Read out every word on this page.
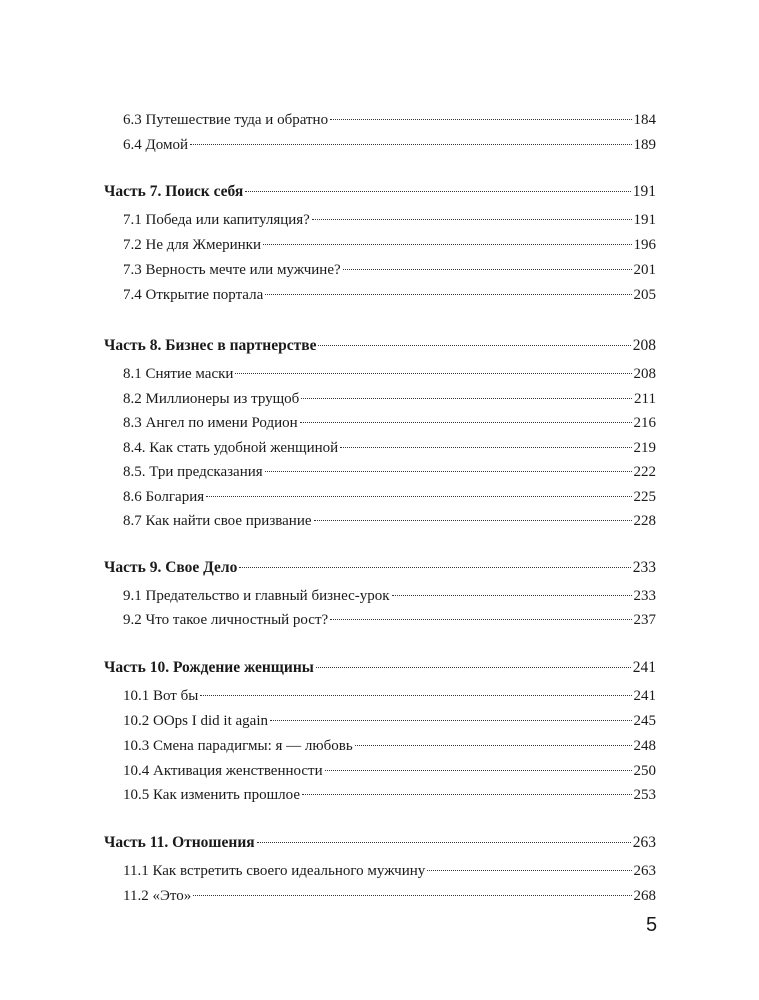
6.3 Путешествие туда и обратно	184
6.4 Домой	189
Часть 7. Поиск себя	191
7.1 Победа или капитуляция?	191
7.2 Не для Жмеринки	196
7.3 Верность мечте или мужчине?	201
7.4 Открытие портала	205
Часть 8. Бизнес в партнерстве	208
8.1 Снятие маски	208
8.2 Миллионеры из трущоб	211
8.3 Ангел по имени Родион	216
8.4. Как стать удобной женщиной	219
8.5. Три предсказания	222
8.6 Болгария	225
8.7 Как найти свое призвание	228
Часть 9. Свое Дело	233
9.1 Предательство и главный бизнес-урок	233
9.2 Что такое личностный рост?	237
Часть 10. Рождение женщины	241
10.1 Вот бы	241
10.2 OOps I did it again	245
10.3 Смена парадигмы: я — любовь	248
10.4 Активация женственности	250
10.5 Как изменить прошлое	253
Часть 11. Отношения	263
11.1 Как встретить своего идеального мужчину	263
11.2 «Это»	268
5
